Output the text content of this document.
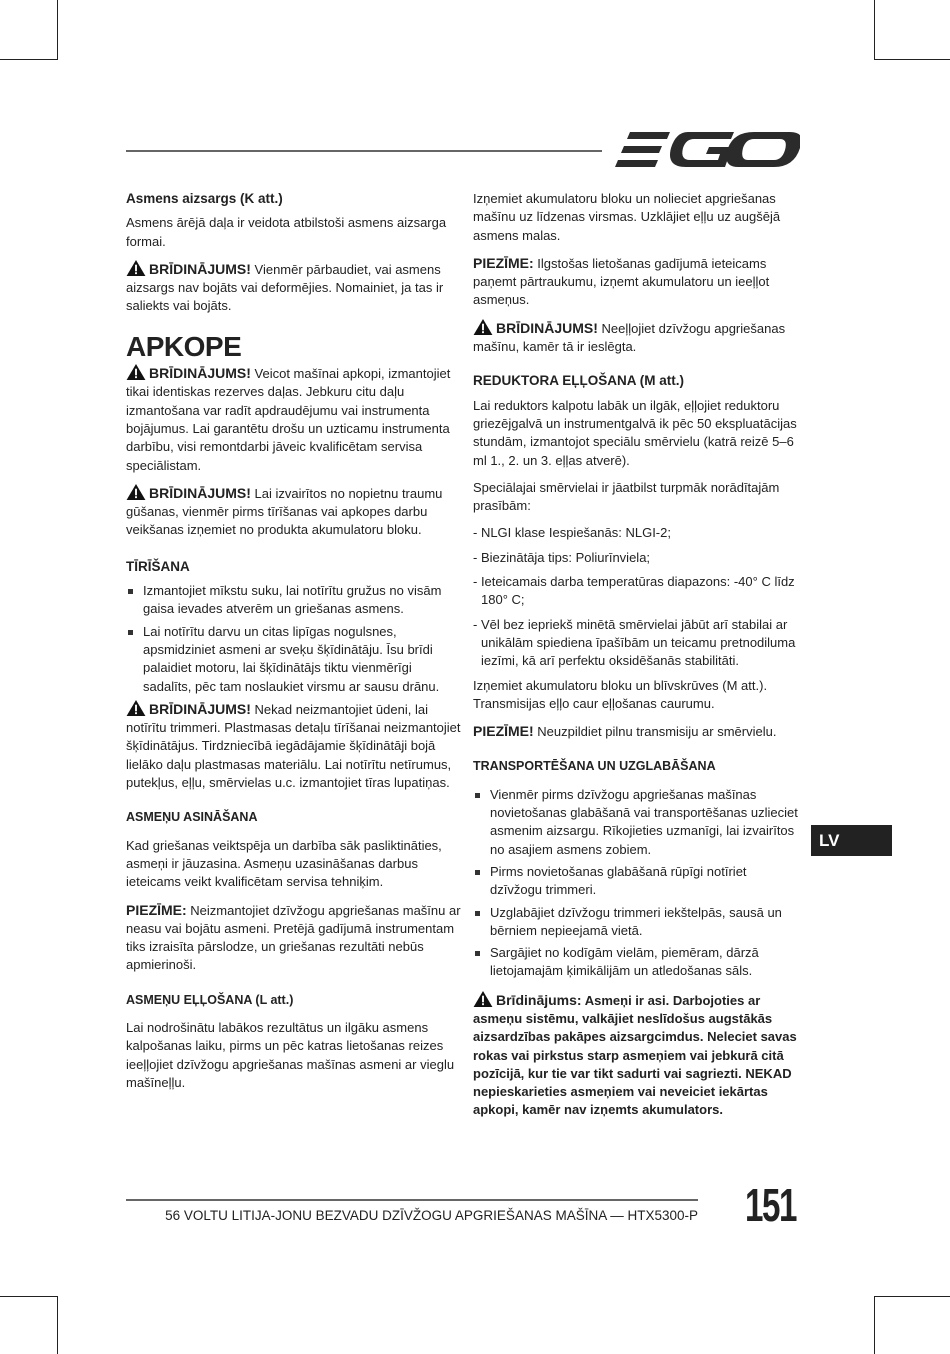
Asmens aizsargs (K att.)

Asmens ārējā daļa ir veidota atbilstoši asmens aizsarga formai.

BRĪDINĀJUMS! Vienmēr pārbaudiet, vai asmens aizsargs nav bojāts vai deformējies. Nomainiet, ja tas ir saliekts vai bojāts.

APKOPE

BRĪDINĀJUMS! Veicot mašīnai apkopi, izmantojiet tikai identiskas rezerves daļas. Jebkuru citu daļu izmantošana var radīt apdraudējumu vai instrumenta bojājumus. Lai garantētu drošu un uzticamu instrumenta darbību, visi remontdarbi jāveic kvalificētam servisa speciālistam.

BRĪDINĀJUMS! Lai izvairītos no nopietnu traumu gūšanas, vienmēr pirms tīrīšanas vai apkopes darbu veikšanas izņemiet no produkta akumulatoru bloku.

TĪRĪŠANA
Izmantojiet mīkstu suku, lai notīrītu gružus no visām gaisa ievades atverēm un griešanas asmens.
Lai notīrītu darvu un citas lipīgas nogulsnes, apsmidziniet asmeni ar sveķu šķīdinātāju. Īsu brīdi palaidiet motoru, lai šķīdinātājs tiktu vienmērīgi sadalīts, pēc tam noslaukiet virsmu ar sausu drānu.

BRĪDINĀJUMS! Nekad neizmantojiet ūdeni, lai notīrītu trimmeri. Plastmasas detaļu tīrīšanai neizmantojiet šķīdinātājus. Tirdzniecībā iegādājamie šķīdinātāji bojā lielāko daļu plastmasas materiālu. Lai notīrītu netīrumus, putekļus, eļļu, smērvielas u.c. izmantojiet tīras lupatiņas.

ASMEŅU ASINĀŠANA

Kad griešanas veiktspēja un darbība sāk pasliktināties, asmeņi ir jāuzasina. Asmeņu uzasināšanas darbus ieteicams veikt kvalificētam servisa tehniķim.

PIEZĪME: Neizmantojiet dzīvžogu apgriešanas mašīnu ar neasu vai bojātu asmeni. Pretējā gadījumā instrumentam tiks izraisīta pārslodze, un griešanas rezultāti nebūs apmierinoši.

ASMEŅU EĻĻOŠANA (L att.)

Lai nodrošinātu labākos rezultātus un ilgāku asmens kalpošanas laiku, pirms un pēc katras lietošanas reizes ieeļļojiet dzīvžogu apgriešanas mašīnas asmeni ar vieglu mašīneļļu.

Izņemiet akumulatoru bloku un nolieciet apgriešanas mašīnu uz līdzenas virsmas. Uzklājiet eļļu uz augšējā asmens malas.

PIEZĪME: Ilgstošas lietošanas gadījumā ieteicams paņemt pārtraukumu, izņemt akumulatoru un ieeļļot asmeņus.

BRĪDINĀJUMS! Neeļļojiet dzīvžogu apgriešanas mašīnu, kamēr tā ir ieslēgta.

REDUKTORA EĻĻOŠANA (M att.)

Lai reduktors kalpotu labāk un ilgāk, eļļojiet reduktoru griezējgalvā un instrumentgalvā ik pēc 50 ekspluatācijas stundām, izmantojot speciālu smērvielu (katrā reizē 5–6 ml 1., 2. un 3. eļļas atverē).

Speciālajai smērvielai ir jāatbilst turpmāk norādītajām prasībām:

- NLGI klase Iespiešanās: NLGI-2;
- Biezinātāja tips: Poliurīnviela;
- Ieteicamais darba temperatūras diapazons: -40° C līdz 180° C;
- Vēl bez iepriekš minētā smērvielai jābūt arī stabilai ar unikālām spiediena īpašībām un teicamu pretnodiluma iezīmi, kā arī perfektu oksidēšanās stabilitāti.

Izņemiet akumulatoru bloku un blīvskrūves (M att.). Transmisijas eļļo caur eļļošanas caurumu.

PIEZĪME! Neuzpildiet pilnu transmisiju ar smērvielu.

TRANSPORTĒŠANA UN UZGLABĀŠANA
Vienmēr pirms dzīvžogu apgriešanas mašīnas novietošanas glabāšanā vai transportēšanas uzlieciet asmenim aizsargu. Rīkojieties uzmanīgi, lai izvairītos no asajiem asmens zobiem.
Pirms novietošanas glabāšanā rūpīgi notīriet dzīvžogu trimmeri.
Uzglabājiet dzīvžogu trimmeri iekštelpās, sausā un bērniem nepieejamā vietā.
Sargājiet no kodīgām vielām, piemēram, dārzā lietojamajām ķimikālijām un atledošanas sāls.

Brīdinājums: Asmeņi ir asi. Darbojoties ar asmeņu sistēmu, valkājiet neslīdošus augstākās aizsardzības pakāpes aizsargcimdus. Neleciet savas rokas vai pirkstus starp asmeņiem vai jebkurā citā pozīcijā, kur tie var tikt sadurti vai sagriezti. NEKAD nepieskarieties asmeņiem vai neveiciet iekārtas apkopi, kamēr nav izņemts akumulators.

LV
56 VOLTU LITIJA-JONU BEZVADU DZĪVŽOGU APGRIEŠANAS MAŠĪNA — HTX5300-P 151
